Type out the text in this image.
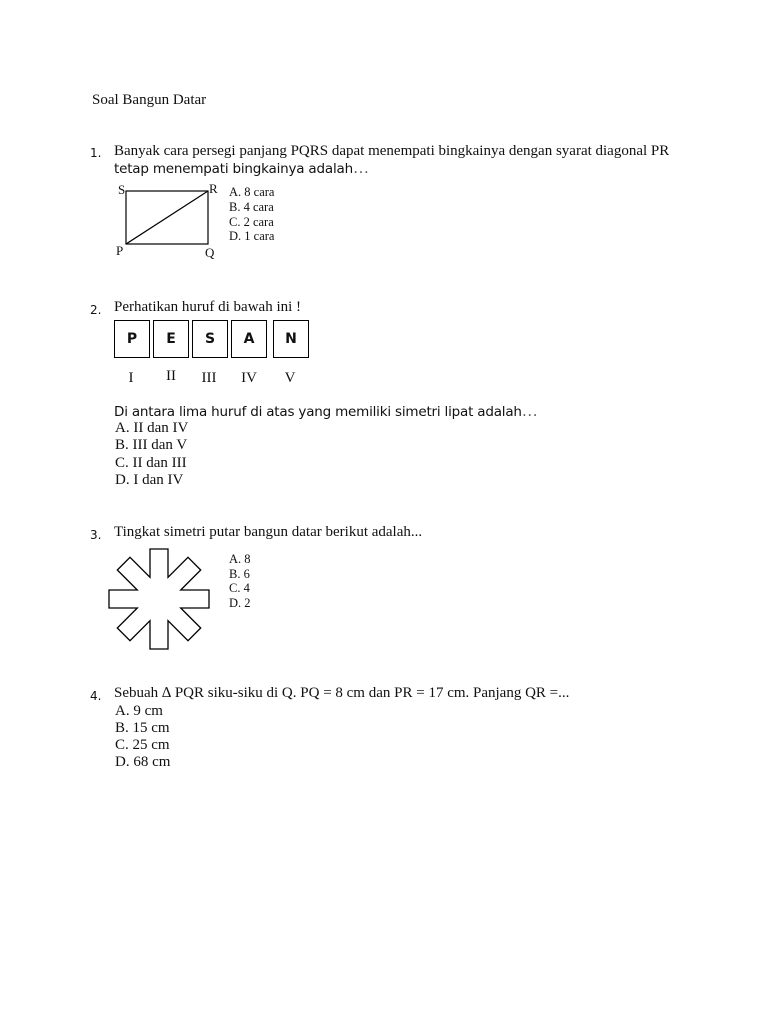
Soal Bangun Datar
1. Banyak cara persegi panjang PQRS dapat menempati bingkainya dengan syarat diagonal PR
tetap menempati bingkainya adalah…
S	R
P	Q
A. 8 cara
B. 4 cara
C. 2 cara
D. 1 cara
2. Perhatikan huruf di bawah ini !
P	E	S	A	N
I	II	III	IV	V
Di antara lima huruf di atas yang memiliki simetri lipat adalah…
A. II dan IV
B. III dan V
C. II dan III
D. I dan IV
3. Tingkat simetri putar bangun datar berikut adalah...
A. 8
B. 6
C. 4
D. 2
4. Sebuah ∆ PQR siku-siku di Q. PQ = 8 cm dan PR = 17 cm. Panjang QR =...
A. 9 cm
B. 15 cm
C. 25 cm
D. 68 cm
